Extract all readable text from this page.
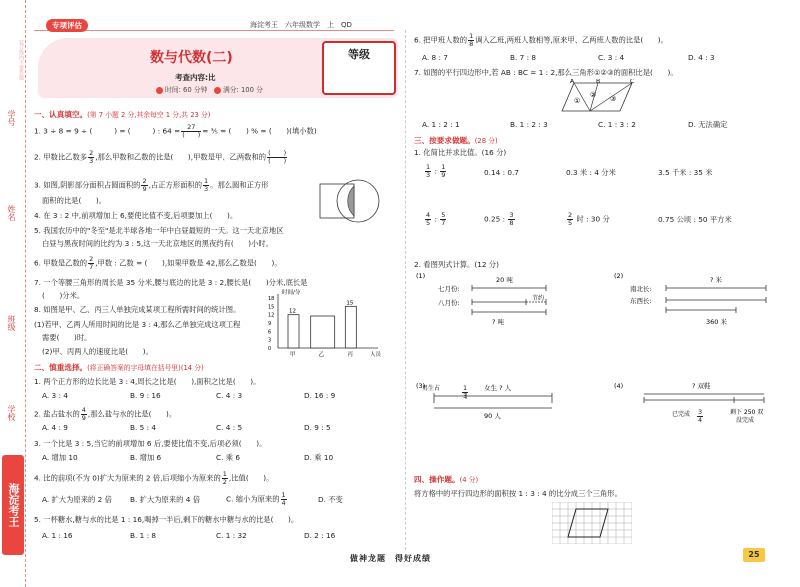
学号
姓名
班级
学校
装订线内不要答题
海淀考王
专项评估	海淀考王　六年级数学　上　QD
数与代数(二)	等级
考查内容:比
时间: 60 分钟 满分: 100 分
一、认真填空。(第 7 小题 2 分,其余每空 1 分,共 23 分)
1. 3 ÷ 8 = 9 ÷ (　　　) = (　　　) : $64 = \frac{27}{( )}$ = ⅗ = (　　) % = (　　)(填小数)
2. 甲数比乙数多 $\frac{2}{3}$ ,那么甲数和乙数的比是(　　),甲数是甲、乙两数和的 $\frac{( )}{( )}$
3. 如图,阴影部分面积占圆面积的 $\frac{2}{9}$ ,占正方形面积的 $\frac{1}{3}$ 。那么圆和正方形
面积的比是(　　)。
4. 在 3 : 2 中,前项增加上 6,要使比值不变,后项要加上(　　)。
5. 我国农历中的"冬至"是北半球各地一年中白昼最短的一天。这一天北京地区
白昼与黑夜时间的比约为 3 : 5,这一天北京地区的黑夜约有(　　)小时。
6. 甲数是乙数的 $\frac{2}{7}$ ,甲数 : 乙数 = (　　),如果甲数是 42,那么乙数是(　　)。
7. 一个等腰三角形的周长是 35 分米,腰与底边的比是 3 : 2,腰长是(　　)分米,底长是
(　　)分米。
8. 如图是甲、乙、丙三人单独完成某项工程所需时间的统计图。
(1)若甲、乙两人所用时间的比是 3 : 4,那么乙单独完成这项工程
需要(　　)时。
(2)甲、丙两人的速度比是(　　)。
时间/分
18
15
12
9
6
3
0
12
甲	乙
15
丙	人员
二、慎重选择。(将正确答案的字母填在括号里)(14 分)
1. 两个正方形的边长比是 3 : 4,周长之比是(　　),面积之比是(　　)。
A. 3 : 4	B. 9 : 16	C. 4 : 3	D. 16 : 9
2. 盐占盐水的 $\frac{4}{9}$ ,那么盐与水的比是(　　)。
A. 4 : 9	B. 5 : 4	C. 4 : 5	D. 9 : 5
3. 一个比是 3 : 5,当它的前项增加 6 后,要使比值不变,后项必须(　　)。
A. 增加 10	B. 增加 6	C. 乘 6	D. 乘 10
4. 比的前项(不为 0)扩大为原来的 2 倍,后项缩小为原来的 $\frac{1}{2}$ ,比值(　　)。
A. 扩大为原来的 2 倍 B. 扩大为原来的 4 倍	C. 缩小为原来的 $\frac{1}{4}$	D. 不变
5. 一杯糖水,糖与水的比是 1 : 16,喝掉一半后,剩下的糖水中糖与水的比是(　　)。
A. 1 : 16	B. 1 : 8	C. 1 : 32	D. 2 : 16
6. 把甲班人数的 $\frac{1}{8}$ 调入乙班,两班人数相等,原来甲、乙两班人数的比是(　　)。
A. 8 : 7	B. 7 : 8	C. 3 : 4	D. 4 : 3
7. 如图的平行四边形中,若 AB : BC = 1 : 2,那么三角形①②③的面积比是(　　)。
A	B	C
①
② ③
A. 1 : 2 : 1	B. 1 : 2 : 3	C. 1 : 3 : 2	D. 无法确定
三、按要求做题。(28 分)
1. 化简比并求比值。(16 分)
$\frac{1}{3}$ : $\frac{1}{9}$	0.14 : 0.7	0.3 米 : 4 分米	3.5 千米 : 35 米
$\frac{4}{5}$ : $\frac{5}{7}$	0.25 : $\frac{3}{8}$	$\frac{2}{5}$ 时 : 30 分	0.75 公顷 : 50 平方米
2. 看图列式计算。(12 分)
(1)	20 吨
七月份:
八月份:
节约
? 吨
(2)	? 米
南北长:
东西长:
360 米
(3)
男生占	女生 ? 人
90 人
(4)	? 双鞋
已完成	剩下 250 双
没完成
$\frac{1}{3}$
$\frac{3}{4}$
四、操作题。(4 分)
将方格中的平行四边形的面积按 1 : 3 : 4 的比分成三个三角形。
做神龙题　得好成绩	25
